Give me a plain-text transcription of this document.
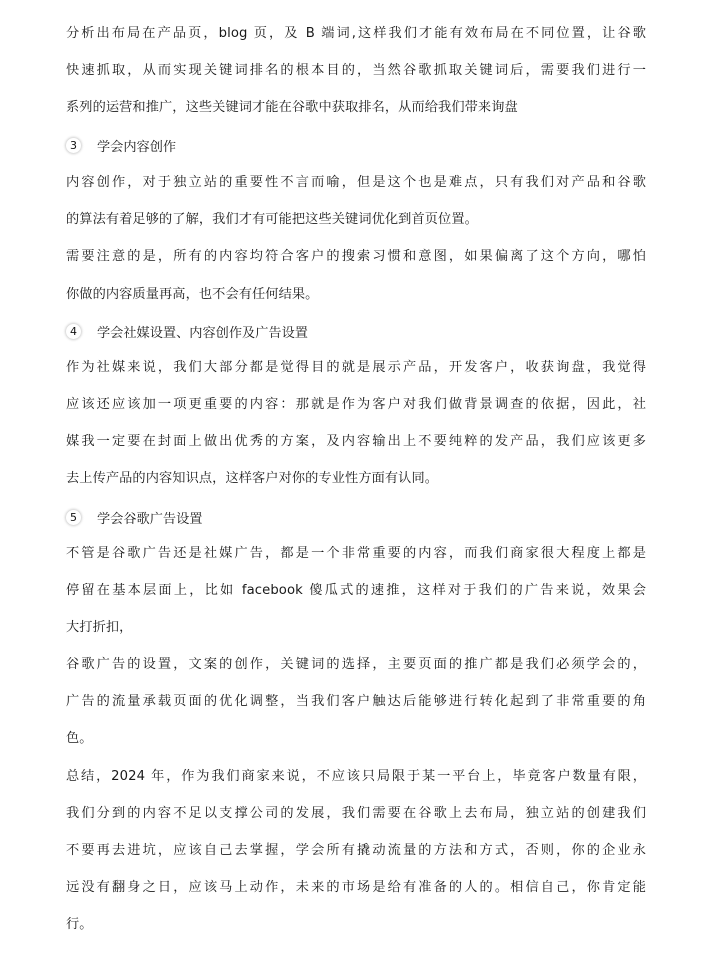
分析出布局在产品页，blog 页，及 B 端词,这样我们才能有效布局在不同位置，让谷歌
快速抓取，从而实现关键词排名的根本目的，当然谷歌抓取关键词后，需要我们进行一
系列的运营和推广，这些关键词才能在谷歌中获取排名，从而给我们带来询盘
3	学会内容创作
内容创作，对于独立站的重要性不言而喻，但是这个也是难点，只有我们对产品和谷歌
的算法有着足够的了解，我们才有可能把这些关键词优化到首页位置。
需要注意的是，所有的内容均符合客户的搜索习惯和意图，如果偏离了这个方向，哪怕
你做的内容质量再高，也不会有任何结果。
4	学会社媒设置、内容创作及广告设置
作为社媒来说，我们大部分都是觉得目的就是展示产品，开发客户，收获询盘，我觉得
应该还应该加一项更重要的内容：那就是作为客户对我们做背景调查的依据，因此，社
媒我一定要在封面上做出优秀的方案，及内容输出上不要纯粹的发产品，我们应该更多
去上传产品的内容知识点，这样客户对你的专业性方面有认同。
5	学会谷歌广告设置
不管是谷歌广告还是社媒广告，都是一个非常重要的内容，而我们商家很大程度上都是
停留在基本层面上，比如 facebook 傻瓜式的速推，这样对于我们的广告来说，效果会
大打折扣，
谷歌广告的设置，文案的创作，关键词的选择，主要页面的推广都是我们必须学会的，
广告的流量承载页面的优化调整，当我们客户触达后能够进行转化起到了非常重要的角
色。
总结，2024 年，作为我们商家来说，不应该只局限于某一平台上，毕竟客户数量有限，
我们分到的内容不足以支撑公司的发展，我们需要在谷歌上去布局，独立站的创建我们
不要再去进坑，应该自己去掌握，学会所有撬动流量的方法和方式，否则，你的企业永
远没有翻身之日，应该马上动作，未来的市场是给有准备的人的。相信自己，你肯定能
行。
